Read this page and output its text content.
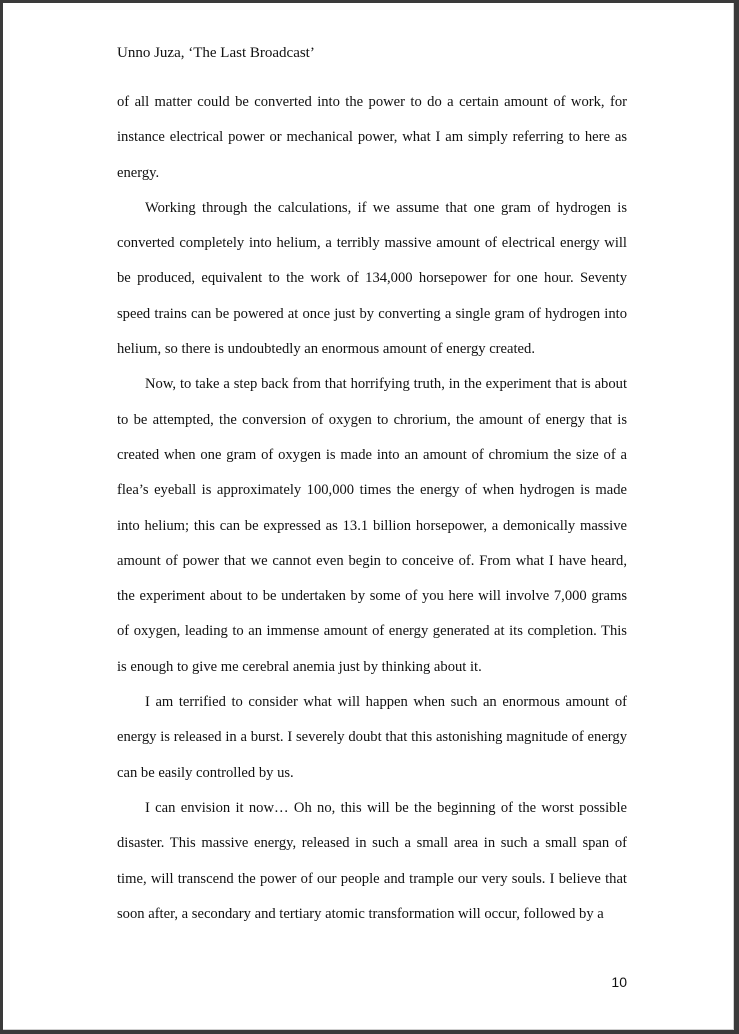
Unno Juza, ‘The Last Broadcast’

of all matter could be converted into the power to do a certain amount of work, for instance electrical power or mechanical power, what I am simply referring to here as energy.

Working through the calculations, if we assume that one gram of hydrogen is converted completely into helium, a terribly massive amount of electrical energy will be produced, equivalent to the work of 134,000 horsepower for one hour. Seventy speed trains can be powered at once just by converting a single gram of hydrogen into helium, so there is undoubtedly an enormous amount of energy created.

Now, to take a step back from that horrifying truth, in the experiment that is about to be attempted, the conversion of oxygen to chrorium, the amount of energy that is created when one gram of oxygen is made into an amount of chromium the size of a flea’s eyeball is approximately 100,000 times the energy of when hydrogen is made into helium; this can be expressed as 13.1 billion horsepower, a demonically massive amount of power that we cannot even begin to conceive of. From what I have heard, the experiment about to be undertaken by some of you here will involve 7,000 grams of oxygen, leading to an immense amount of energy generated at its completion. This is enough to give me cerebral anemia just by thinking about it.

I am terrified to consider what will happen when such an enormous amount of energy is released in a burst. I severely doubt that this astonishing magnitude of energy can be easily controlled by us.

I can envision it now… Oh no, this will be the beginning of the worst possible disaster. This massive energy, released in such a small area in such a small span of time, will transcend the power of our people and trample our very souls. I believe that soon after, a secondary and tertiary atomic transformation will occur, followed by a

10
